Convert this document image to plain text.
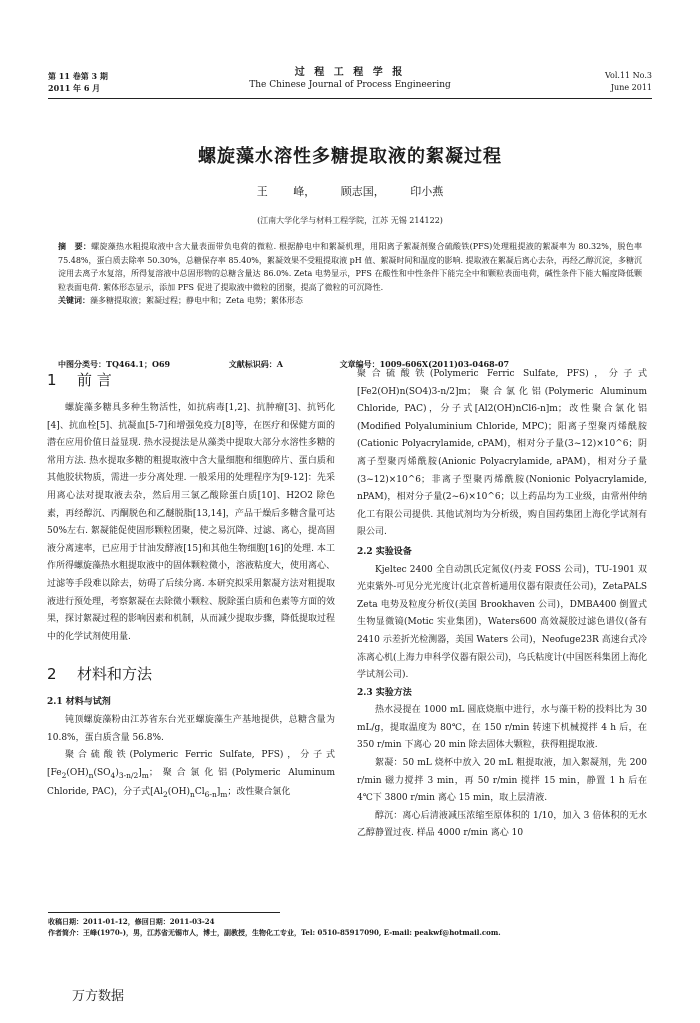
第 11 卷第 3 期
2011 年 6 月
过 程 工 程 学 报
The Chinese Journal of Process Engineering
Vol.11 No.3
June 2011
螺旋藻水溶性多糖提取液的絮凝过程
王 峰， 顾志国， 印小燕
(江南大学化学与材料工程学院，江苏 无锡 214122)
摘　要：螺旋藻热水粗提取液中含大量表面带负电荷的微粒. 根据静电中和絮凝机理，用阳离子絮凝剂聚合硫酸铁(PFS)处理粗提液的絮凝率为 80.32%，脱色率 75.48%，蛋白质去除率 50.30%，总糖保存率 85.40%，絮凝效果不受粗提取液 pH 值、絮凝时间和温度的影响. 提取液在絮凝后离心去杂，再经乙醇沉淀，多糖沉淀用去离子水复溶，所得复溶液中总固形物的总糖含量达 86.0%. Zeta 电势显示，PFS 在酸性和中性条件下能完全中和颗粒表面电荷，碱性条件下能大幅度降低颗粒表面电荷. 絮体形态显示，添加 PFS 促进了提取液中微粒的团聚，提高了微粒的可沉降性.
关键词：藻多糖提取液；絮凝过程；静电中和；Zeta 电势；絮体形态
中图分类号：TQ464.1；O69	文献标识码：A	文章编号：1009-606X(2011)03-0468-07
1 前 言

螺旋藻多糖具多种生物活性，如抗病毒[1,2]、抗肿瘤[3]、抗钙化[4]、抗血栓[5]、抗凝血[5-7]和增强免疫力[8]等，在医疗和保健方面的潜在应用价值日益显现. 热水浸提法是从藻类中提取大部分水溶性多糖的常用方法. 热水提取多糖的粗提取液中含大量细胞和细胞碎片、蛋白质和其他胶状物质，需进一步分离处理. 一般采用的处理程序为[9-12]：先采用离心法对提取液去杂，然后用三氯乙酸除蛋白质[10]、H2O2 除色素，再经醇沉、丙酮脱色和乙醚脱脂[13,14]，产品干燥后多糖含量可达 50%左右. 絮凝能促使固形颗粒团聚，使之易沉降、过滤、离心，提高固液分离速率，已应用于甘油发酵液[15]和其他生物细胞[16]的处理. 本工作所得螺旋藻热水粗提取液中的固体颗粒微小，溶液粘度大，使用离心、过滤等手段难以除去，妨碍了后续分离. 本研究拟采用絮凝方法对粗提取液进行预处理，考察絮凝在去除微小颗粒、脱除蛋白质和色素等方面的效果，探讨絮凝过程的影响因素和机制，从而减少提取步骤，降低提取过程中的化学试剂使用量.

2 材料和方法
2.1 材料与试剂

钝顶螺旋藻粉由江苏省东台光亚螺旋藻生产基地提供，总糖含量为 10.8%，蛋白质含量 56.8%.

聚合硫酸铁(Polymeric Ferric Sulfate, PFS)，分子式$[Fe_2(OH)_n(SO_4)_{3-n/2}]_m$；聚合氯化铝(Polymeric Aluminum Chloride, PAC)，分子式$[Al_2(OH)_nCl_{6-n}]_m$；改性聚合氯化

聚合硫酸铁(Polymeric Ferric Sulfate, PFS)，分子式[Fe2(OH)n(SO4)3-n/2]m；聚合氯化铝(Polymeric Aluminum Chloride, PAC)，分子式[Al2(OH)nCl6-n]m；改性聚合氯化铝(Modified Polyaluminium Chloride, MPC)；阳离子型聚丙烯酰胺(Cationic Polyacrylamide, cPAM)，相对分子量(3~12)×10^6；阴离子型聚丙烯酰胺(Anionic Polyacrylamide, aPAM)，相对分子量(3~12)×10^6；非离子型聚丙烯酰胺(Nonionic Polyacrylamide, nPAM)，相对分子量(2~6)×10^6；以上药品均为工业级，由常州仲纳化工有限公司提供. 其他试剂均为分析级，购自国药集团上海化学试剂有限公司.

2.2 实验设备

Kjeltec 2400 全自动凯氏定氮仪(丹麦 FOSS 公司)，TU-1901 双光束紫外-可见分光光度计(北京普析通用仪器有限责任公司)，ZetaPALS Zeta 电势及粒度分析仪(美国 Brookhaven 公司)，DMBA400 倒置式生物显微镜(Motic 实业集团)，Waters600 高效凝胶过滤色谱仪(备有 2410 示差折光检测器，美国 Waters 公司)，Neofuge23R 高速台式冷冻离心机(上海力申科学仪器有限公司)，乌氏粘度计(中国医科集团上海化学试剂公司).

2.3 实验方法

热水浸提在 1000 mL 圆底烧瓶中进行，水与藻干粉的投料比为 30 mL/g，提取温度为 80℃，在 150 r/min 转速下机械搅拌 4 h 后，在 350 r/min 下离心 20 min 除去固体大颗粒，获得粗提取液.

絮凝：50 mL 烧杯中放入 20 mL 粗提取液，加入絮凝剂，先 200 r/min 磁力搅拌 3 min，再 50 r/min 搅拌 15 min，静置 1 h 后在 4℃下 3800 r/min 离心 15 min，取上层清液.

醇沉：离心后清液减压浓缩至原体积的 1/10，加入 3 倍体积的无水乙醇静置过夜. 样品 4000 r/min 离心 10

收稿日期：2011-01-12，修回日期：2011-03-24
作者简介：王峰(1970-)，男，江苏省无锡市人，博士，副教授，生物化工专业，Tel: 0510-85917090, E-mail: peakwf@hotmail.com.
万方数据
